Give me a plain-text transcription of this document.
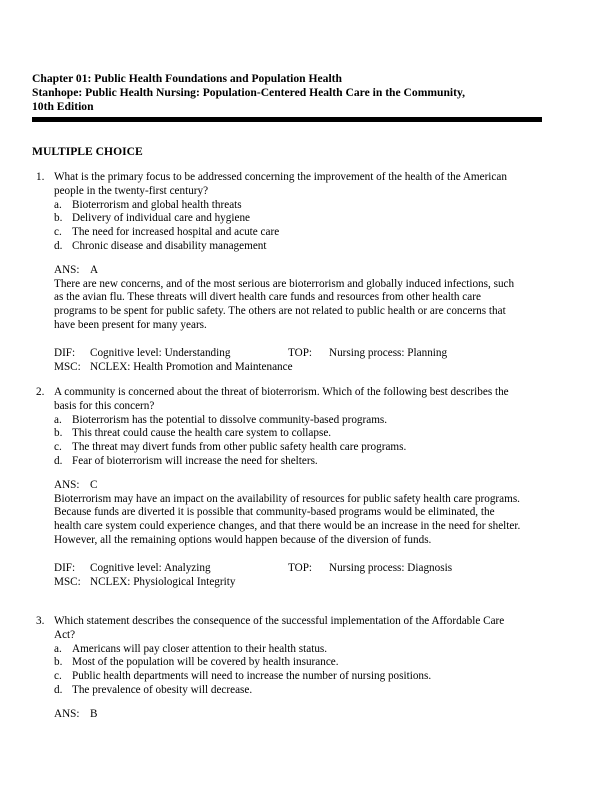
Chapter 01: Public Health Foundations and Population Health
Stanhope: Public Health Nursing: Population-Centered Health Care in the Community,
10th Edition
MULTIPLE CHOICE
1. What is the primary focus to be addressed concerning the improvement of the health of the American people in the twenty-first century?

a. Bioterrorism and global health threats
b. Delivery of individual care and hygiene
c. The need for increased hospital and acute care
d. Chronic disease and disability management
ANS: A

There are new concerns, and of the most serious are bioterrorism and globally induced infections, such as the avian flu. These threats will divert health care funds and resources from other health care programs to be spent for public safety. The others are not related to public health or are concerns that have been present for many years.

DIF: Cognitive level: Understanding	TOP: Nursing process: Planning
MSC: NCLEX: Health Promotion and Maintenance
2. A community is concerned about the threat of bioterrorism. Which of the following best describes the basis for this concern?

a. Bioterrorism has the potential to dissolve community-based programs.
b. This threat could cause the health care system to collapse.
c. The threat may divert funds from other public safety health care programs.
d. Fear of bioterrorism will increase the need for shelters.
ANS: C

Bioterrorism may have an impact on the availability of resources for public safety health care programs. Because funds are diverted it is possible that community-based programs would be eliminated, the health care system could experience changes, and that there would be an increase in the need for shelter. However, all the remaining options would happen because of the diversion of funds.

DIF: Cognitive level: Analyzing	TOP: Nursing process: Diagnosis
MSC: NCLEX: Physiological Integrity
3. Which statement describes the consequence of the successful implementation of the Affordable Care Act?

a. Americans will pay closer attention to their health status.
b. Most of the population will be covered by health insurance.
c. Public health departments will need to increase the number of nursing positions.
d. The prevalence of obesity will decrease.
ANS: B
